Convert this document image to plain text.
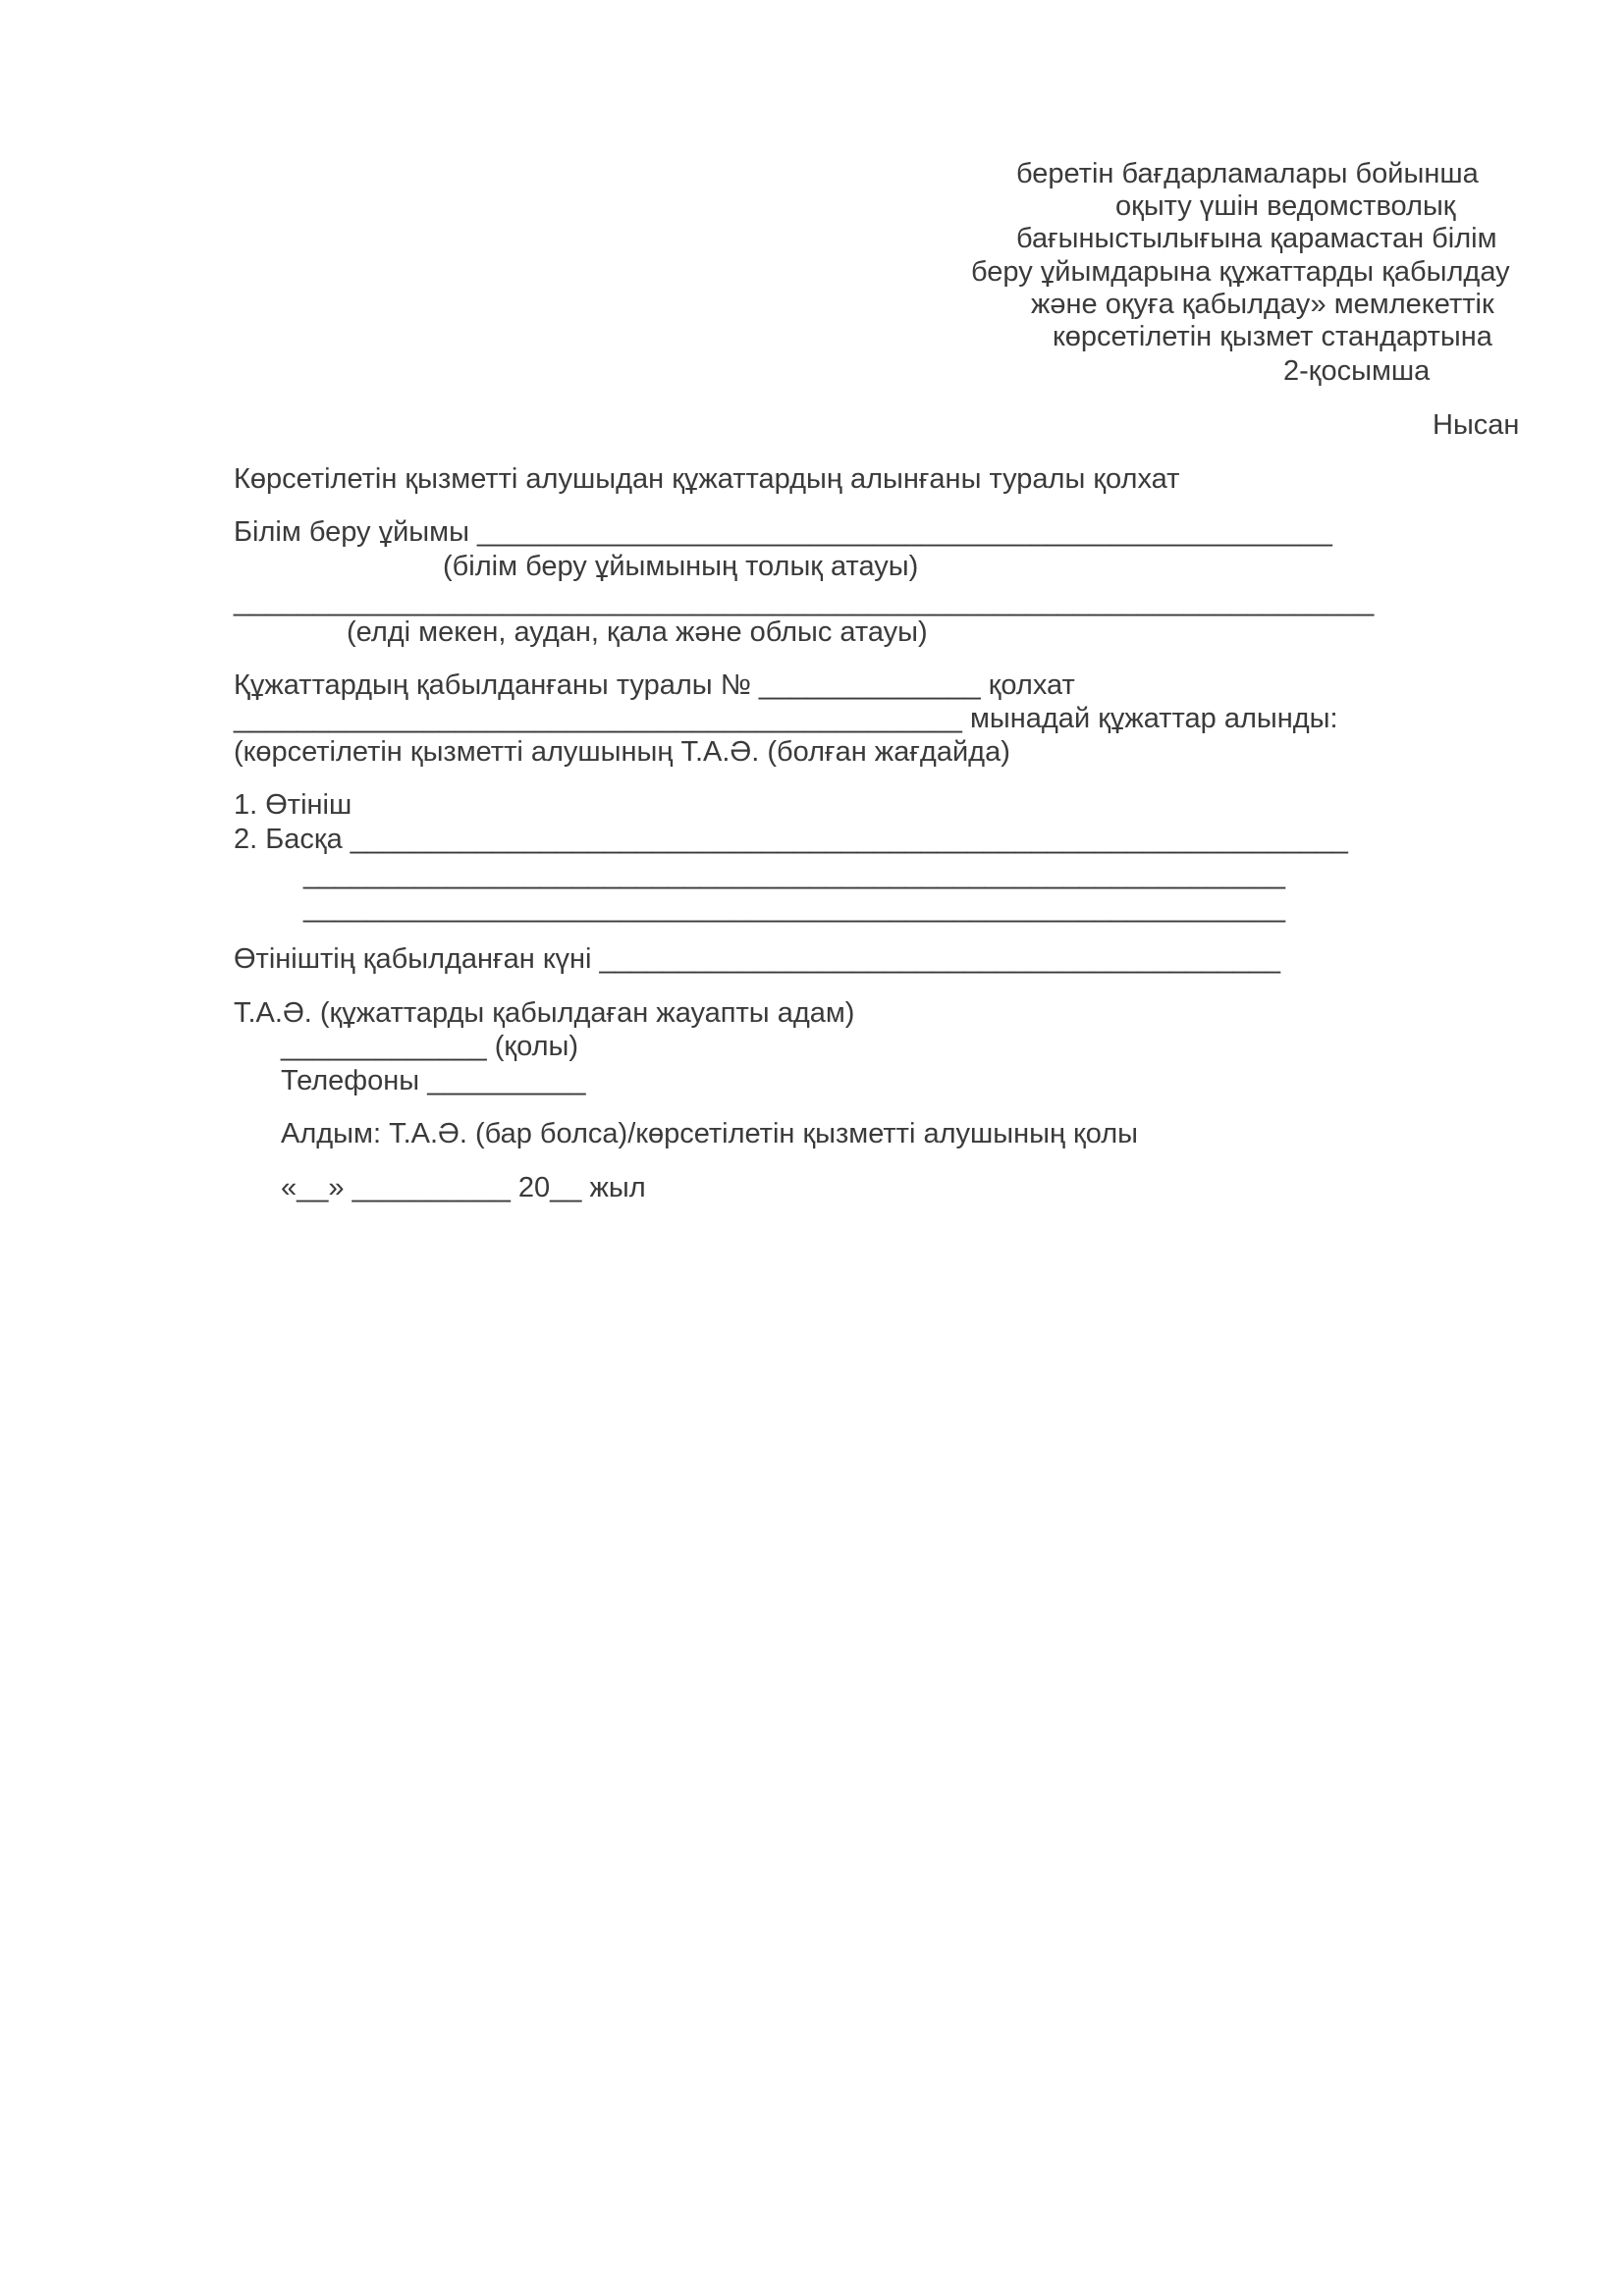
беретін бағдарламалары бойынша
оқыту үшін ведомстволық
бағыныстылығына қарамастан білім
беру ұйымдарына құжаттарды қабылдау
және оқуға қабылдау» мемлекеттік
көрсетілетін қызмет стандартына
2-қосымша
Нысан
Көрсетілетін қызметті алушыдан құжаттардың алынғаны туралы қолхат
Білім беру ұйымы ______________________________________________________
(білім беру ұйымының толық атауы)
________________________________________________________________________
(елді мекен, аудан, қала және облыс атауы)
Құжаттардың қабылданғаны туралы № ______________ қолхат
______________________________________________ мынадай құжаттар алынды:
(көрсетілетін қызметті алушының Т.А.Ә. (болған жағдайда)
1. Өтініш
2. Басқа _______________________________________________________________
______________________________________________________________
______________________________________________________________
Өтініштің қабылданған күні ___________________________________________
Т.А.Ә. (құжаттарды қабылдаған жауапты адам)
_____________ (қолы)
Телефоны __________
Алдым: Т.А.Ә. (бар болса)/көрсетілетін қызметті алушының қолы
«__» __________ 20__ жыл
